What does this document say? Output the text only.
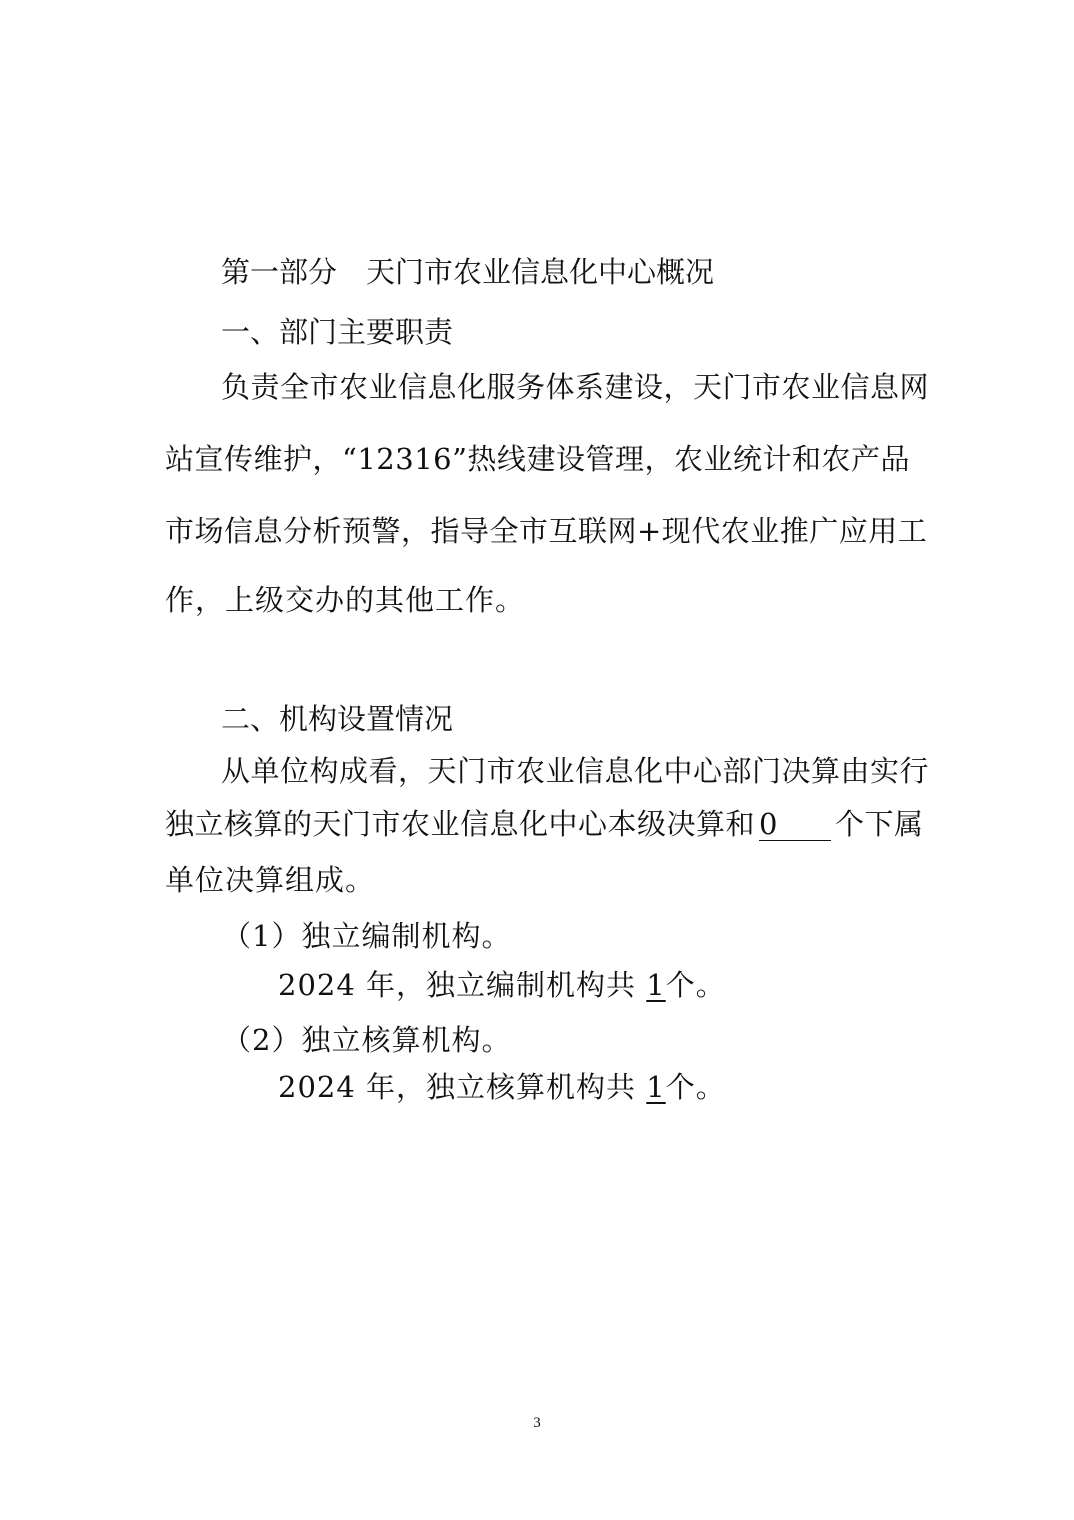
第一部分　天门市农业信息化中心概况
一、部门主要职责
负责全市农业信息化服务体系建设，天门市农业信息网
站宣传维护，“12316”热线建设管理，农业统计和农产品
市场信息分析预警，指导全市互联网+现代农业推广应用工
作，上级交办的其他工作。
二、机构设置情况
从单位构成看，天门市农业信息化中心部门决算由实行
独立核算的天门市农业信息化中心本级决算和 0 个下属
单位决算组成。
（1）独立编制机构。
2024 年，独立编制机构共 1个。
（2）独立核算机构。
2024 年，独立核算机构共 1个。
3
